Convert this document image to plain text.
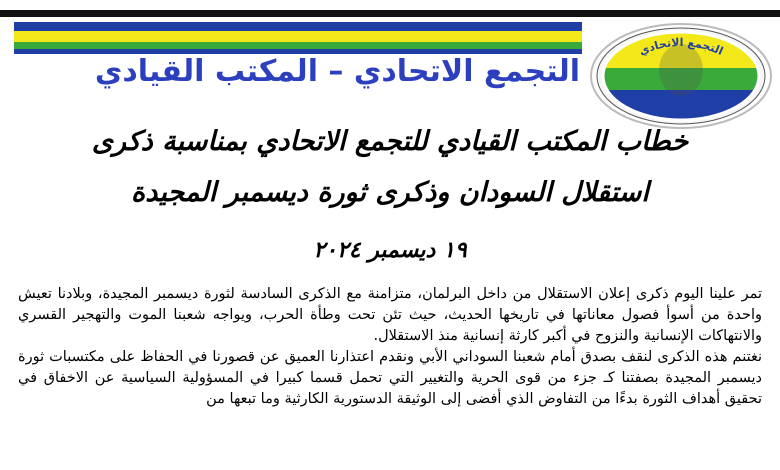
التجمع الاتحادي – المكتب القيادي
التجمع الاتحادي
خطاب المكتب القيادي للتجمع الاتحادي بمناسبة ذكرى
استقلال السودان وذكرى ثورة ديسمبر المجيدة
١٩ ديسمبر ٢٠٢٤

تمر علينا اليوم ذكرى إعلان الاستقلال من داخل البرلمان، متزامنة مع الذكرى السادسة لثورة ديسمبر المجيدة، وبلادنا تعيش واحدة من أسوأ فصول معاناتها في تاريخها الحديث، حيث تئن تحت وطأة الحرب، ويواجه شعبنا الموت والتهجير القسري والانتهاكات الإنسانية والنزوح في أكبر كارثة إنسانية منذ الاستقلال.

نغتنم هذه الذكرى لنقف بصدق أمام شعبنا السوداني الأبي ونقدم اعتذارنا العميق عن قصورنا في الحفاظ على مكتسبات ثورة ديسمبر المجيدة بصفتنا كـ جزء من قوى الحرية والتغيير التي تحمل قسما كبيرا في المسؤولية السياسية عن الاخفاق في تحقيق أهداف الثورة بدءًا من التفاوض الذي أفضى إلى الوثيقة الدستورية الكارثية وما تبعها من
